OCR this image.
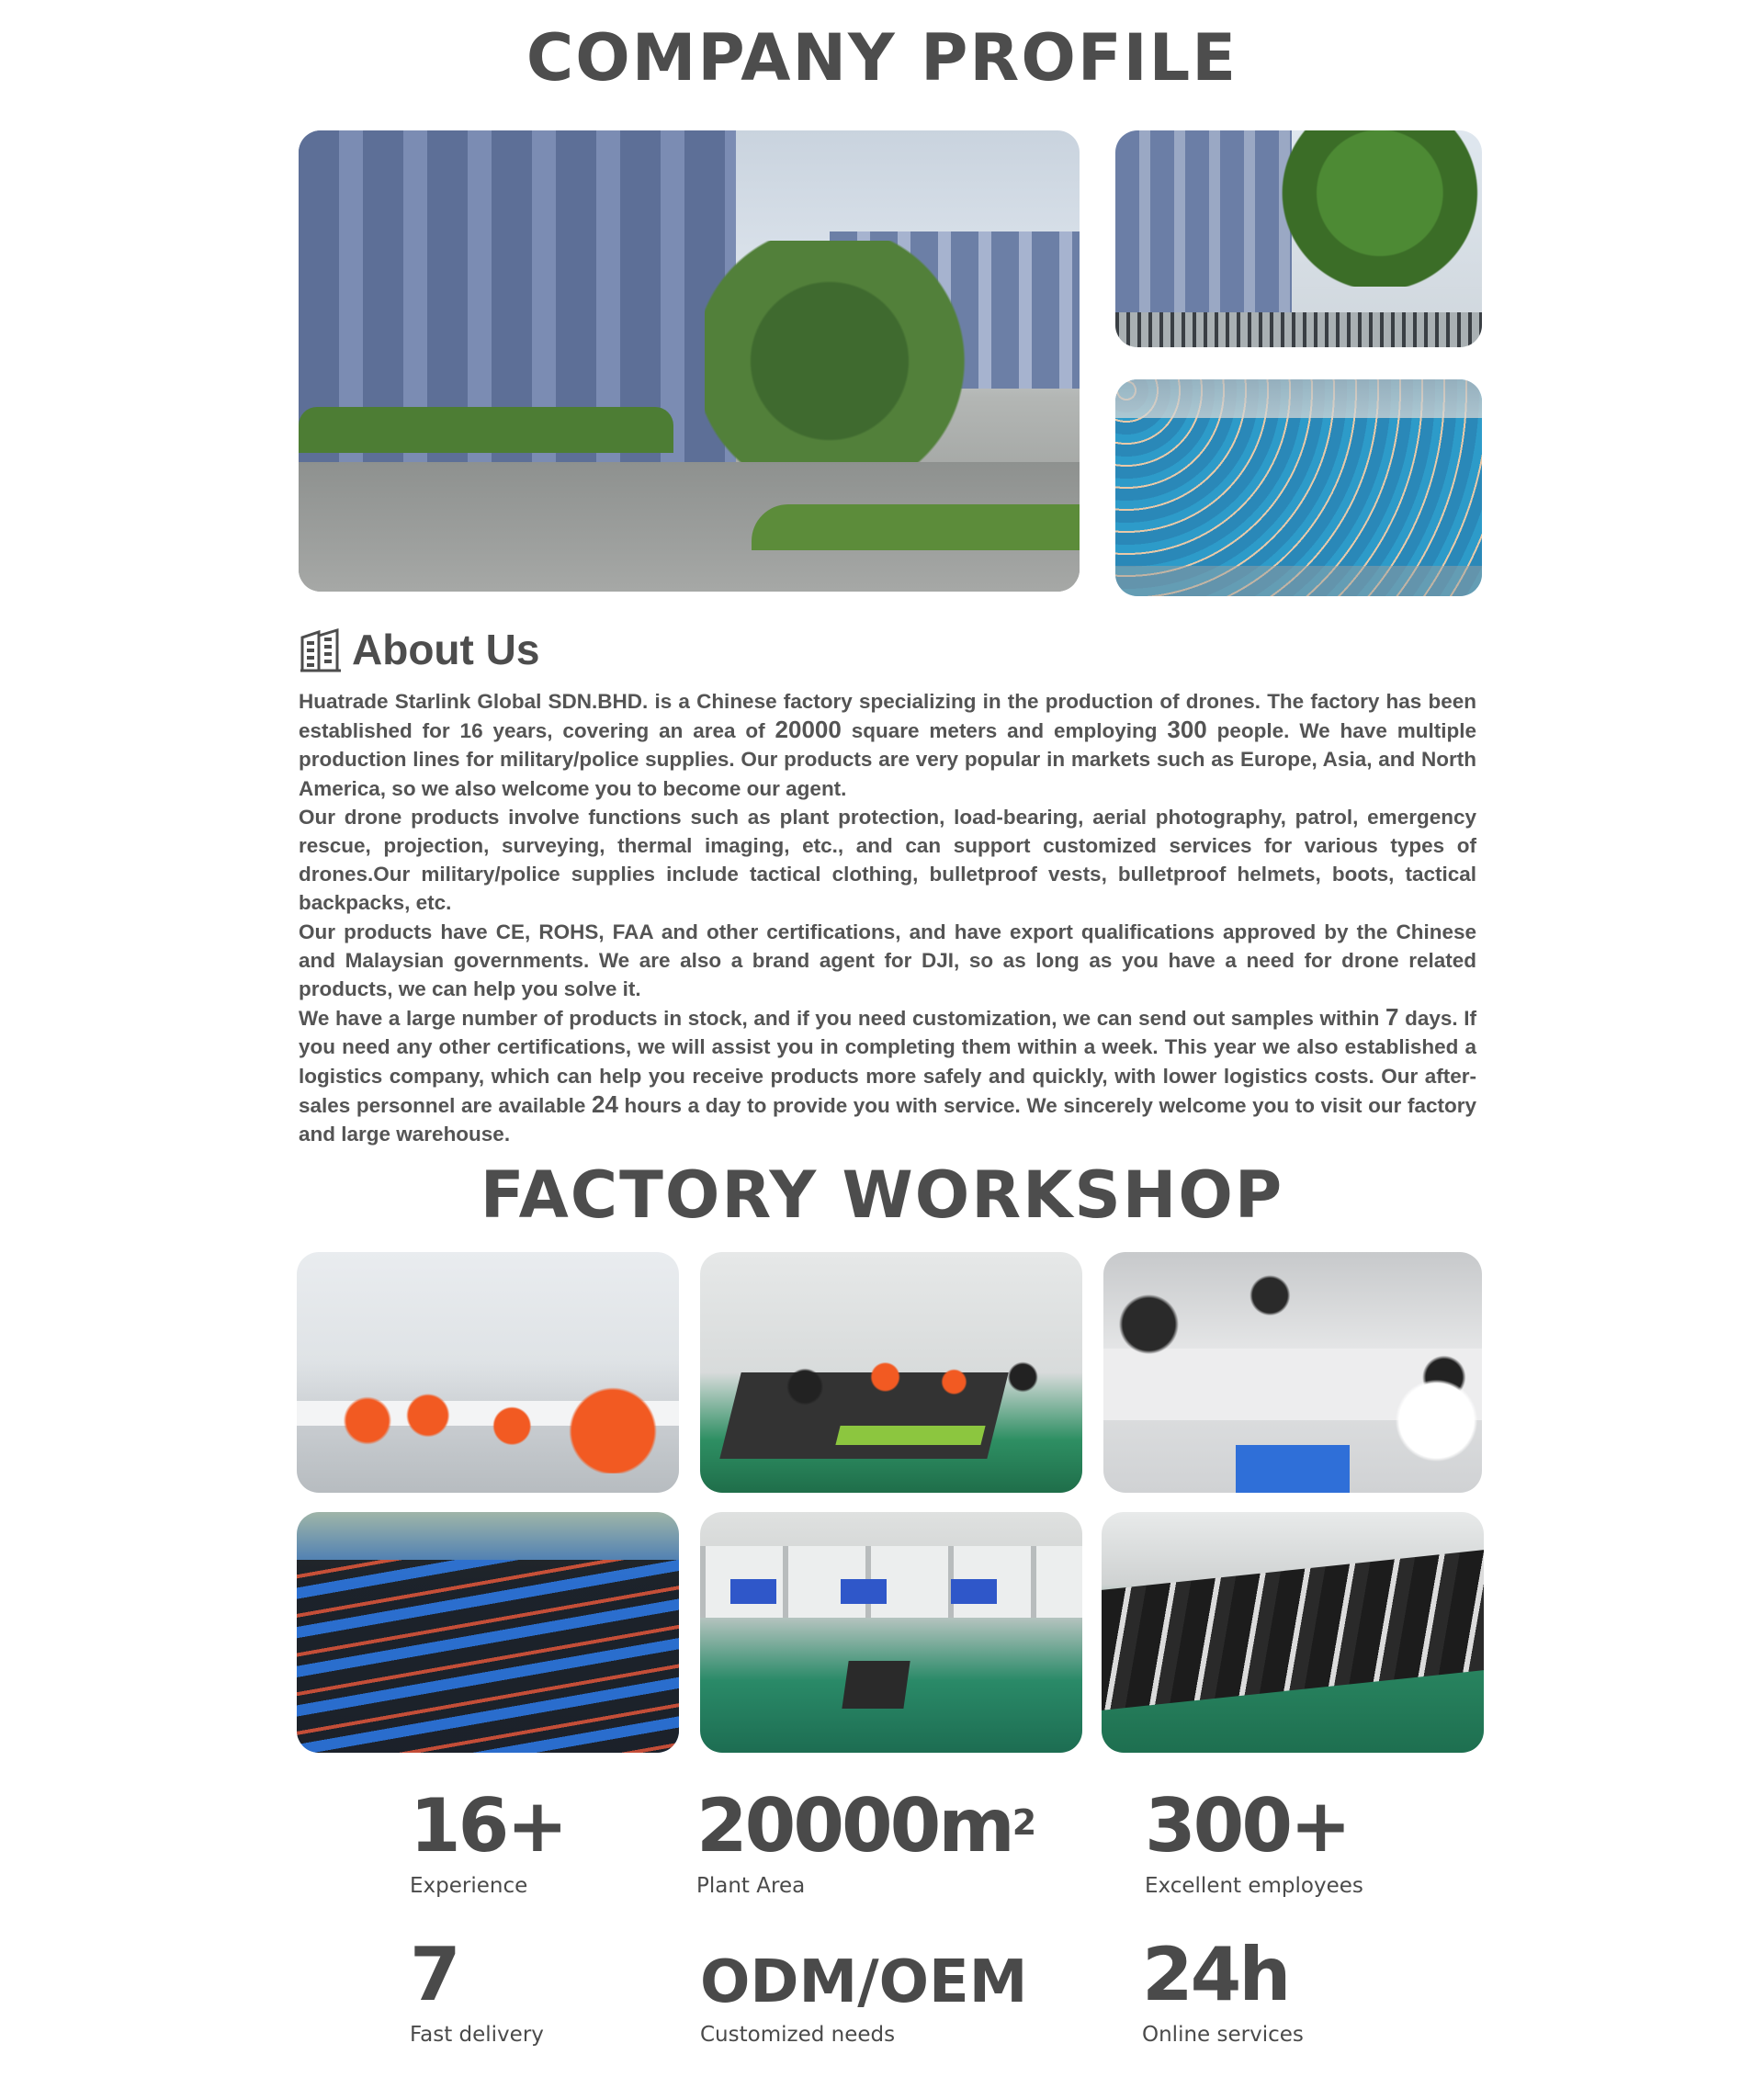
COMPANY PROFILE
About Us

Huatrade Starlink Global SDN.BHD. is a Chinese factory specializing in the production of drones. The factory has been established for 16 years, covering an area of 20000 square meters and employing 300 people. We have multiple production lines for military/police supplies. Our products are very popular in markets such as Europe, Asia, and North America, so we also welcome you to become our agent.

Our drone products involve functions such as plant protection, load-bearing, aerial photography, patrol, emergency rescue, projection, surveying, thermal imaging, etc., and can support customized services for various types of drones.Our military/police supplies include tactical clothing, bulletproof vests, bulletproof helmets, boots, tactical backpacks, etc.

Our products have CE, ROHS, FAA and other certifications, and have export qualifications approved by the Chinese and Malaysian governments. We are also a brand agent for DJI, so as long as you have a need for drone related products, we can help you solve it.

We have a large number of products in stock, and if you need customization, we can send out samples within 7 days. If you need any other certifications, we will assist you in completing them within a week. This year we also established a logistics company, which can help you receive products more safely and quickly, with lower logistics costs. Our after-sales personnel are available 24 hours a day to provide you with service. We sincerely welcome you to visit our factory and large warehouse.

FACTORY WORKSHOP
16+
Experience
$20000m^2$
Plant Area
300+
Excellent employees
7
Fast delivery
ODM/OEM
Customized needs
24h
Online services
